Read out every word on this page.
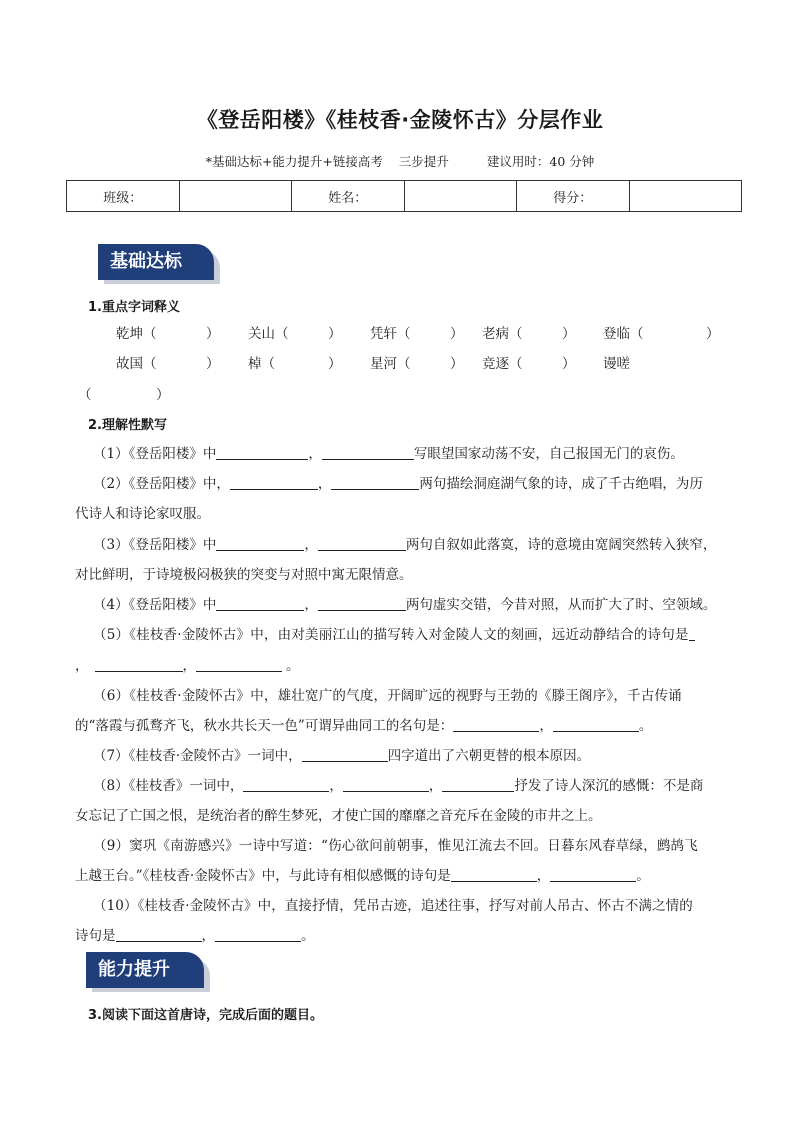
《登岳阳楼》《桂枝香·金陵怀古》分层作业
*基础达标+能力提升+链接高考 三步提升	建议用时：40 分钟
班级：		姓名：		得分：	
基础达标
1.重点字词释义
乾坤（	） 关山（	） 凭轩（	） 老病（	） 登临（	）
故国（	） 棹（	） 星河（	） 竞逐（	） 谩嗟
（	）
2.理解性默写
（1）《登岳阳楼》中	，	写眼望国家动荡不安，自己报国无门的哀伤。
（2）《登岳阳楼》中，	，	两句描绘洞庭湖气象的诗，成了千古绝唱，为历
代诗人和诗论家叹服。
（3）《登岳阳楼》中	，	两句自叙如此落寞，诗的意境由宽阔突然转入狭窄，
对比鲜明，于诗境极闷极狭的突变与对照中寓无限情意。
（4）《登岳阳楼》中	，	两句虚实交错，今昔对照，从而扩大了时、空领域。
（5）《桂枝香·金陵怀古》中，由对美丽江山的描写转入对金陵人文的刻画，远近动静结合的诗句是
，	，	。
（6）《桂枝香·金陵怀古》中，雄壮宽广的气度，开阔旷远的视野与王勃的《滕王阁序》，千古传诵
的“落霞与孤鹜齐飞，秋水共长天一色”可谓异曲同工的名句是：	，	。
（7）《桂枝香·金陵怀古》一词中，	四字道出了六朝更替的根本原因。
（8）《桂枝香》一词中，	，	，	抒发了诗人深沉的感慨：不是商
女忘记了亡国之恨，是统治者的醉生梦死，才使亡国的靡靡之音充斥在金陵的市井之上。
（9）窦巩《南游感兴》一诗中写道：“伤心欲问前朝事，惟见江流去不回。日暮东风春草绿，鹧鸪飞
上越王台。”《桂枝香·金陵怀古》中，与此诗有相似感慨的诗句是	，	。
（10）《桂枝香·金陵怀古》中，直接抒情，凭吊古迹，追述往事，抒写对前人吊古、怀古不满之情的
诗句是	，	。
能力提升
3.阅读下面这首唐诗，完成后面的题目。
